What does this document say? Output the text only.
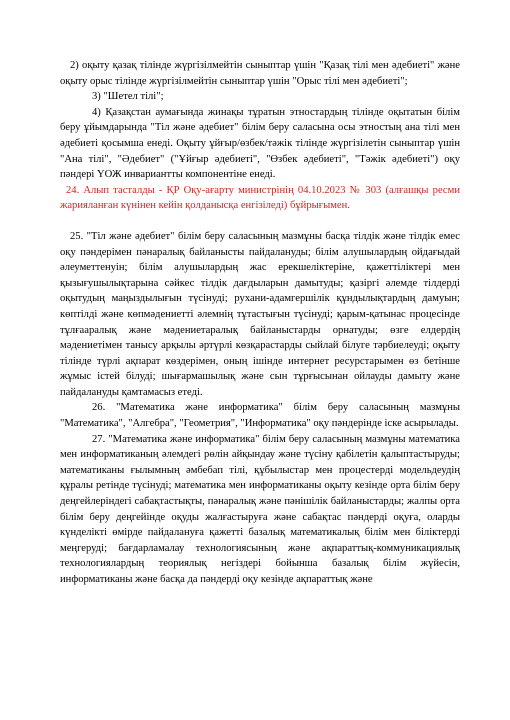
2) оқыту қазақ тілінде жүргізілмейтін сыныптар үшін "Қазақ тілі мен әдебиеті" және оқыту орыс тілінде жүргізілмейтін сыныптар үшін "Орыс тілі мен әдебиеті";

3) "Шетел тілі";

4) Қазақстан аумағында жинақы тұратын этностардың тілінде оқытатын білім беру ұйымдарында "Тіл және әдебиет" білім беру саласына осы этностың ана тілі мен әдебиеті қосымша енеді. Оқыту ұйғыр/өзбек/тәжік тілінде жүргізілетін сыныптар үшін "Ана тілі", "Әдебиет" ("Ұйғыр әдебиеті", "Өзбек әдебиеті", "Тәжік әдебиеті") оқу пәндері ҮОЖ инвариантты компонентіне енеді.

24. Алып тасталды - ҚР Оқу-ағарту министрінің 04.10.2023 № 303 (алғашқы ресми жарияланған күнінен кейін қолданысқа енгізіледі) бұйрығымен.

25. "Тіл және әдебиет" білім беру саласының мазмұны басқа тілдік және тілдік емес оқу пәндерімен пәнаралық байланысты пайдалануды; білім алушылардың ойдағыдай әлеуметтенуін; білім алушылардың жас ерекшеліктеріне, қажеттіліктері мен қызығушылықтарына сәйкес тілдік дағдыларын дамытуды; қазіргі әлемде тілдерді оқытудың маңыздылығын түсінуді; рухани-адамгершілік құндылықтардың дамуын; көптілді және көпмәдениетті әлемнің тұтастығын түсінуді; қарым-қатынас процесінде тұлғааралық және мәдениетаралық байланыстарды орнатуды; өзге елдердің мәдениетімен танысу арқылы әртүрлі көзқарастарды сыйлай білуге тәрбиелеуді; оқыту тілінде түрлі ақпарат көздерімен, оның ішінде интернет ресурстарымен өз бетінше жұмыс істей білуді; шығармашылық және сын тұрғысынан ойлауды дамыту және пайдалануды қамтамасыз етеді.

26. "Математика және информатика" білім беру саласының мазмұны "Математика", "Алгебра", "Геометрия", "Информатика" оқу пәндерінде іске асырылады.

27. "Математика және информатика" білім беру саласының мазмұны математика мен информатиканың әлемдегі рөлін айқындау және түсіну қабілетін қалыптастыруды; математиканы ғылымның әмбебап тілі, құбылыстар мен процестерді модельдеудің құралы ретінде түсінуді; математика мен информатиканы оқыту кезінде орта білім беру деңгейлеріндегі сабақтастықты, пәнаралық және пәнішілік байланыстарды; жалпы орта білім беру деңгейінде оқуды жалғастыруға және сабақтас пәндерді оқуға, оларды күнделікті өмірде пайдалануға қажетті базалық математикалық білім мен біліктерді меңгеруді; бағдарламалау технологиясының және ақпараттық-коммуникациялық технологиялардың теориялық негіздері бойынша базалық білім жүйесін, информатиканы және басқа да пәндерді оқу кезінде ақпараттық және
